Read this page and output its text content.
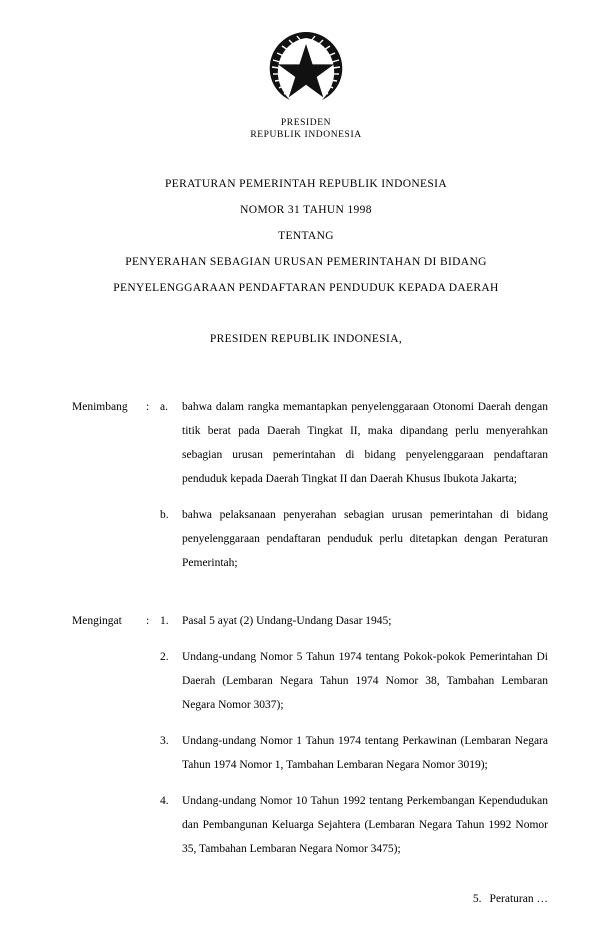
PRESIDEN
REPUBLIK INDONESIA
PERATURAN PEMERINTAH REPUBLIK INDONESIA
NOMOR 31 TAHUN 1998
TENTANG
PENYERAHAN SEBAGIAN URUSAN PEMERINTAHAN DI BIDANG
PENYELENGGARAAN PENDAFTARAN PENDUDUK KEPADA DAERAH
PRESIDEN REPUBLIK INDONESIA,
Menimbang	: a.	bahwa dalam rangka memantapkan penyelenggaraan Otonomi Daerah dengan titik berat pada Daerah Tingkat II, maka dipandang perlu menyerahkan sebagian urusan pemerintahan di bidang penyelenggaraan pendaftaran penduduk kepada Daerah Tingkat II dan Daerah Khusus Ibukota Jakarta;
b.	bahwa pelaksanaan penyerahan sebagian urusan pemerintahan di bidang penyelenggaraan pendaftaran penduduk perlu ditetapkan dengan Peraturan Pemerintah;
Mengingat	: 1.	Pasal 5 ayat (2) Undang-Undang Dasar 1945;
2.	Undang-undang Nomor 5 Tahun 1974 tentang Pokok-pokok Pemerintahan Di Daerah (Lembaran Negara Tahun 1974 Nomor 38, Tambahan Lembaran Negara Nomor 3037);
3.	Undang-undang Nomor 1 Tahun 1974 tentang Perkawinan (Lembaran Negara Tahun 1974 Nomor 1, Tambahan Lembaran Negara Nomor 3019);
4.	Undang-undang Nomor 10 Tahun 1992 tentang Perkembangan Kependudukan dan Pembangunan Keluarga Sejahtera (Lembaran Negara Tahun 1992 Nomor 35, Tambahan Lembaran Negara Nomor 3475);
5. Peraturan …
